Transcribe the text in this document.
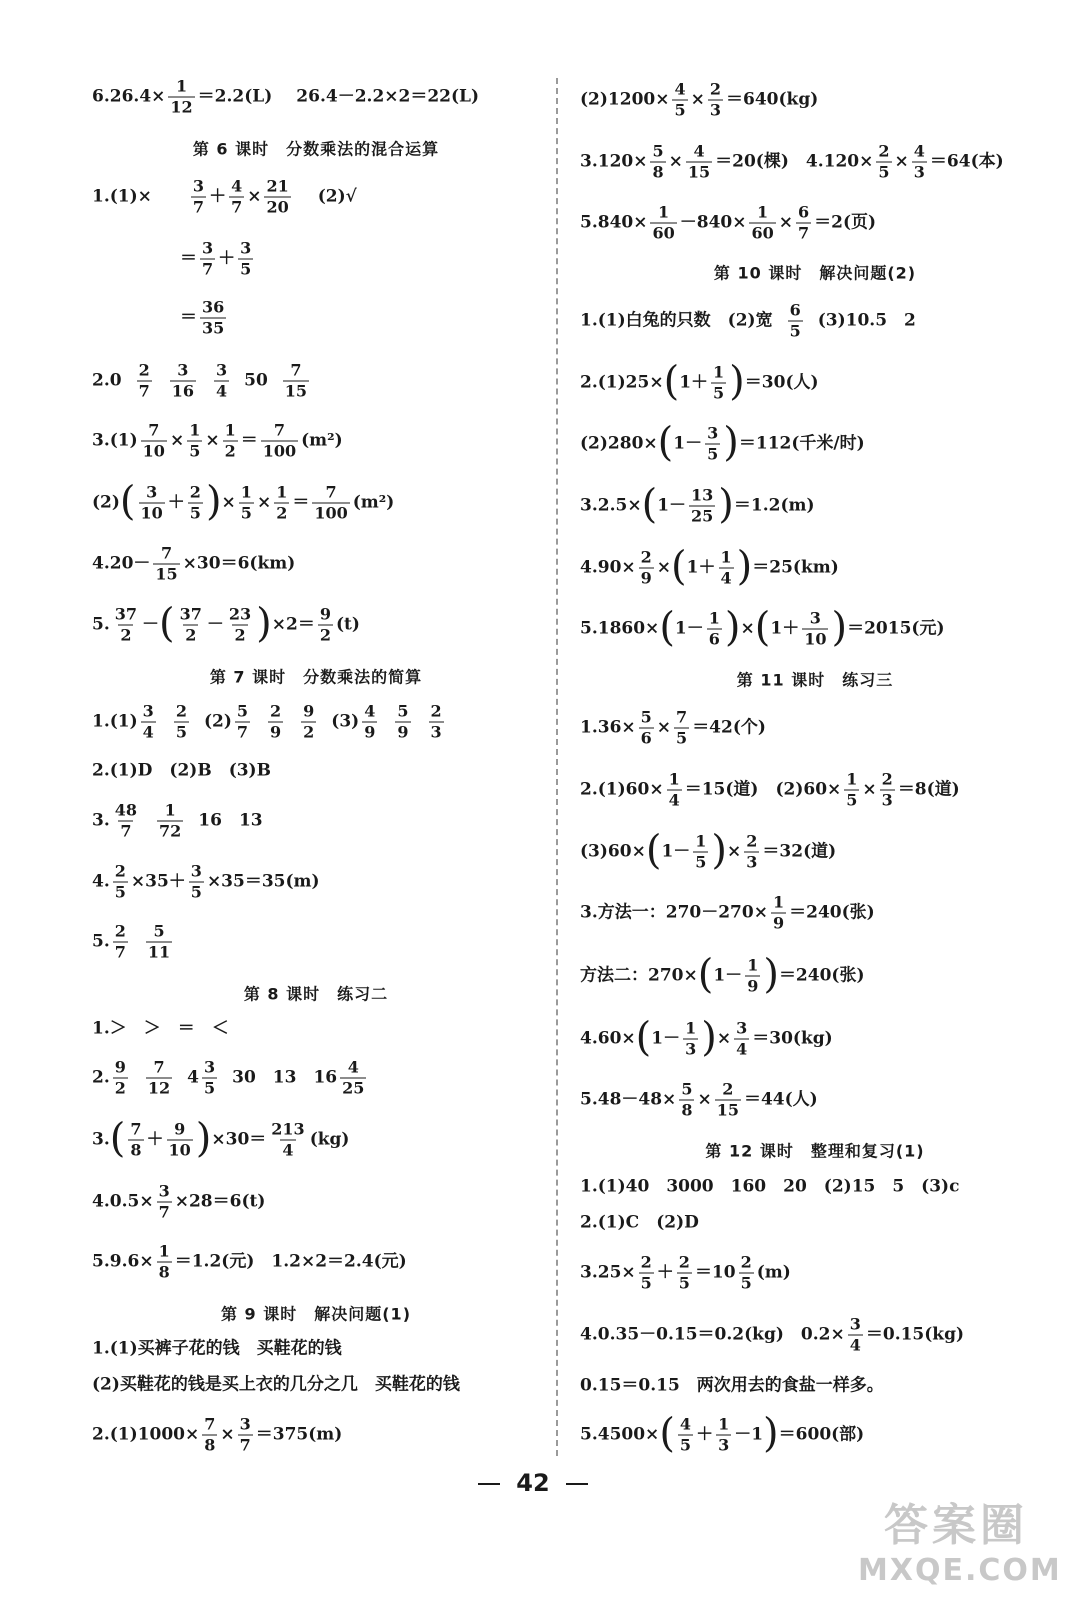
$6.26.4\times \frac{1}{12} =2.2(L)$ 26.4－2.2×2＝22(L)
第 6 课时　分数乘法的混合运算
$1.(1)\times \frac{3}{7} + \frac{4}{7} \times \frac{21}{20} (2)√$
＝ $\frac{3}{7} + \frac{3}{5}$
＝ $\frac{36}{35}$
$2.0 \frac{2}{7} \frac{3}{16} \frac{3}{4} 50 \frac{7}{15}$
$3.(1) \frac{7}{10} \times \frac{1}{5} \times \frac{1}{2} = \frac{7}{100} (m^2)$
$(2)( \frac{3}{10} + \frac{2}{5}$ )× $\frac{1}{5} \times \frac{1}{2} = \frac{7}{100} (m^2)$
$4.20- \frac{7}{15} \times 30=6(km)$
5. $\frac{37}{2}$ －( $\frac{37}{2} - \frac{23}{2} )\times 2= \frac{9}{2} (t)$
第 7 课时　分数乘法的简算
$1.(1) \frac{3}{4} \frac{2}{5} (2) \frac{5}{7} \frac{2}{9} \frac{9}{2} (3) \frac{4}{9} \frac{5}{9} \frac{2}{3}$
2.(1)D　(2)B　(3)B
3. $\frac{48}{7} \frac{1}{72} 16$　13
4. $\frac{2}{5} \times 35+ \frac{3}{5} \times 35=35(m)$
5. $\frac{2}{7} \frac{5}{11}$
第 8 课时　练习二
1.＞　＞　＝　＜
2. $\frac{9}{2} \frac{7}{12} 4 \frac{3}{5} 30$　13　$16 \frac{4}{25}$
$3.( \frac{7}{8} + \frac{9}{10} )\times 30= \frac{213}{4} (kg)$
$4.0.5\times \frac{3}{7} \times 28=6(t)$
$5.9.6\times \frac{1}{8} =1.2$(元)　1.2×2＝2.4(元)
第 9 课时　解决问题(1)
1.(1)买裤子花的钱　买鞋花的钱
(2)买鞋花的钱是买上衣的几分之几　买鞋花的钱
$2.(1)1000\times \frac{7}{8} \times \frac{3}{7} =375(m)$
$(2)1200\times \frac{4}{5} \times \frac{2}{3} =640(kg)$
$3.120\times \frac{5}{8} \times \frac{4}{15} =20$(棵)　$4.120\times \frac{2}{5} \times \frac{4}{3} =64$(本)
$5.840\times \frac{1}{60} -840\times \frac{1}{60} \times \frac{6}{7} =2$(页)
第 10 课时　解决问题(2)
1.(1)白兔的只数　(2)宽 $\frac{6}{5} (3)10.5$　2
$2.(1)25\times(1+ \frac{1}{5} )=30$(人)
$(2)280\times(1- \frac{3}{5} )=112$(千米/时)
$3.2.5\times(1- \frac{13}{25} )=1.2(m)$
$4.90\times \frac{2}{9} \times(1+ \frac{1}{4} )=25(km)$
$5.1860\times(1- \frac{1}{6} )\times(1+ \frac{3}{10} )=2015$(元)
第 11 课时　练习三
$1.36\times \frac{5}{6} \times \frac{7}{5} =42$(个)
$2.(1)60\times \frac{1}{4} =15$(道)　$(2)60\times \frac{1}{5} \times \frac{2}{3} =8$(道)
$(3)60\times(1- \frac{1}{5}$ )× $\frac{2}{3} =32$(道)
3.方法一：$270-270\times \frac{1}{9} =240$(张)
方法二：$270\times(1- \frac{1}{9} )=240$(张)
$4.60\times(1- \frac{1}{3}$ )× $\frac{3}{4} =30(kg)$
$5.48-48\times \frac{5}{8} \times \frac{2}{15} =44$(人)
第 12 课时　整理和复习(1)
1.(1)40　3000　160　20　(2)15　5　(3)c
2.(1)C　(2)D
$3.25\times \frac{2}{5} + \frac{2}{5} =10 \frac{2}{5} (m)$
4.0.35－0.15＝0.2(kg)　$0.2\times \frac{3}{4} =0.15(kg)$
0.15＝0.15　两次用去的食盐一样多。
$5.4500\times( \frac{4}{5} + \frac{1}{3} -1)=600$(部)
42
答案圈
MXQE.COM
